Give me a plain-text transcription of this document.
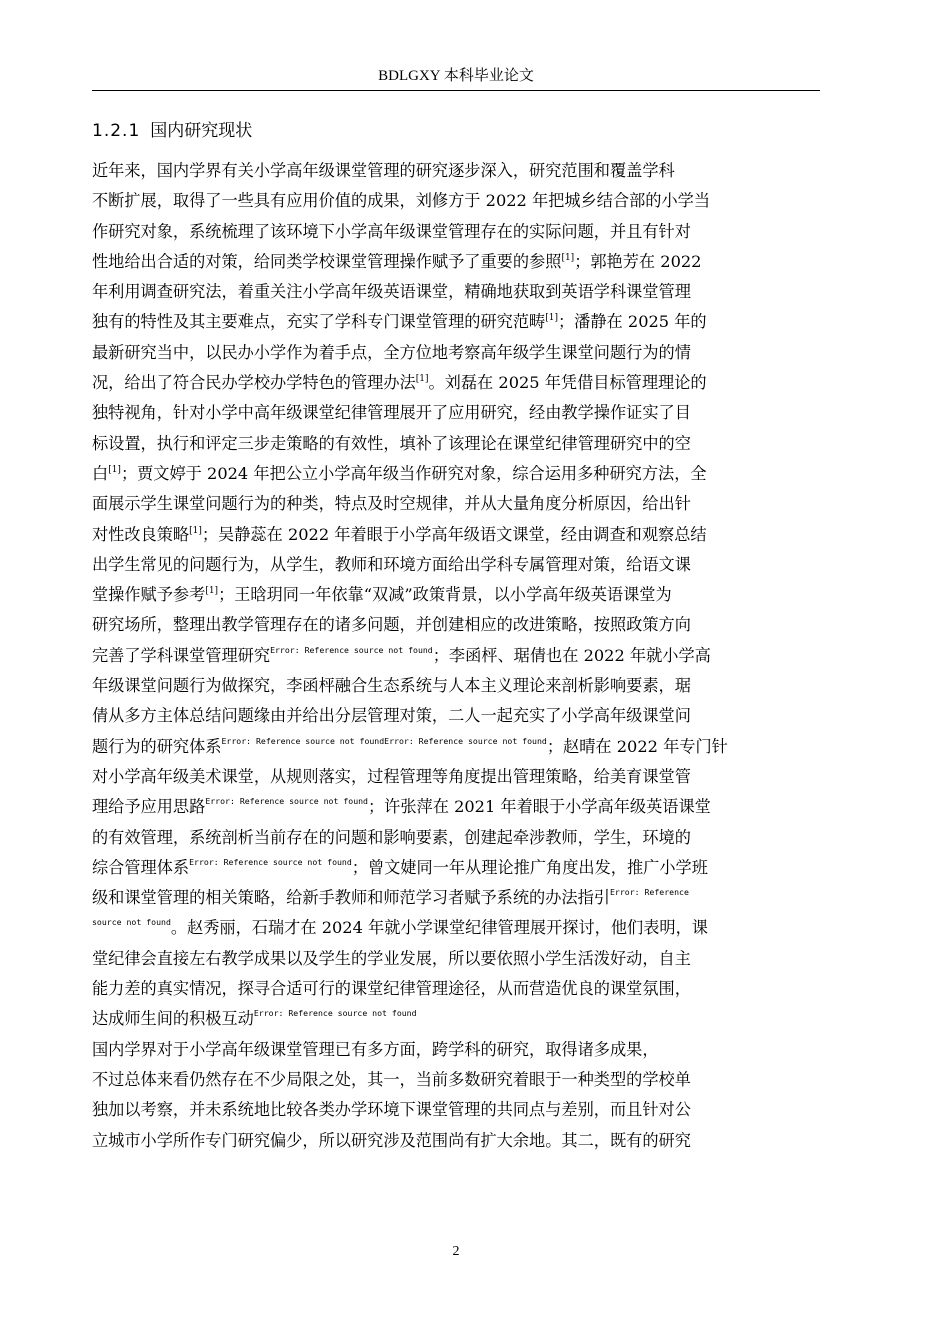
BDLGXY 本科毕业论文
1.2.1 国内研究现状
近年来，国内学界有关小学高年级课堂管理的研究逐步深入，研究范围和覆盖学科
不断扩展，取得了一些具有应用价值的成果，刘修方于 2022 年把城乡结合部的小学当
作研究对象，系统梳理了该环境下小学高年级课堂管理存在的实际问题，并且有针对
性地给出合适的对策，给同类学校课堂管理操作赋予了重要的参照[1]；郭艳芳在 2022
年利用调查研究法，着重关注小学高年级英语课堂，精确地获取到英语学科课堂管理
独有的特性及其主要难点，充实了学科专门课堂管理的研究范畴[1]；潘静在 2025 年的
最新研究当中，以民办小学作为着手点，全方位地考察高年级学生课堂问题行为的情
况，给出了符合民办学校办学特色的管理办法[1]。刘磊在 2025 年凭借目标管理理论的
独特视角，针对小学中高年级课堂纪律管理展开了应用研究，经由教学操作证实了目
标设置，执行和评定三步走策略的有效性，填补了该理论在课堂纪律管理研究中的空
白[1]；贾文婷于 2024 年把公立小学高年级当作研究对象，综合运用多种研究方法，全
面展示学生课堂问题行为的种类，特点及时空规律，并从大量角度分析原因，给出针
对性改良策略[1]；吴静蕊在 2022 年着眼于小学高年级语文课堂，经由调查和观察总结
出学生常见的问题行为，从学生，教师和环境方面给出学科专属管理对策，给语文课
堂操作赋予参考[1]；王晗玥同一年依靠“双减”政策背景，以小学高年级英语课堂为
研究场所，整理出教学管理存在的诸多问题，并创建相应的改进策略，按照政策方向
完善了学科课堂管理研究$^{Error: Reference source not found}$；李函枰、琚倩也在 2022 年就小学高
年级课堂问题行为做探究，李函枰融合生态系统与人本主义理论来剖析影响要素，琚
倩从多方主体总结问题缘由并给出分层管理对策，二人一起充实了小学高年级课堂问
题行为的研究体系$^{Error: Reference source not foundError: Reference source not found}$；赵晴在 2022 年专门针
对小学高年级美术课堂，从规则落实，过程管理等角度提出管理策略，给美育课堂管
理给予应用思路$^{Error: Reference source not found}$；许张萍在 2021 年着眼于小学高年级英语课堂
的有效管理，系统剖析当前存在的问题和影响要素，创建起牵涉教师，学生，环境的
综合管理体系$^{Error: Reference source not found}$；曾文婕同一年从理论推广角度出发，推广小学班
级和课堂管理的相关策略，给新手教师和师范学习者赋予系统的办法指引$^{Error: Reference}$
$^{source not found}$。赵秀丽，石瑞才在 2024 年就小学课堂纪律管理展开探讨，他们表明，课
堂纪律会直接左右教学成果以及学生的学业发展，所以要依照小学生活泼好动，自主
能力差的真实情况，探寻合适可行的课堂纪律管理途径，从而营造优良的课堂氛围，
达成师生间的积极互动$^{Error: Reference source not found}$
国内学界对于小学高年级课堂管理已有多方面，跨学科的研究，取得诸多成果，
不过总体来看仍然存在不少局限之处，其一，当前多数研究着眼于一种类型的学校单
独加以考察，并未系统地比较各类办学环境下课堂管理的共同点与差别，而且针对公
立城市小学所作专门研究偏少，所以研究涉及范围尚有扩大余地。其二，既有的研究
2
